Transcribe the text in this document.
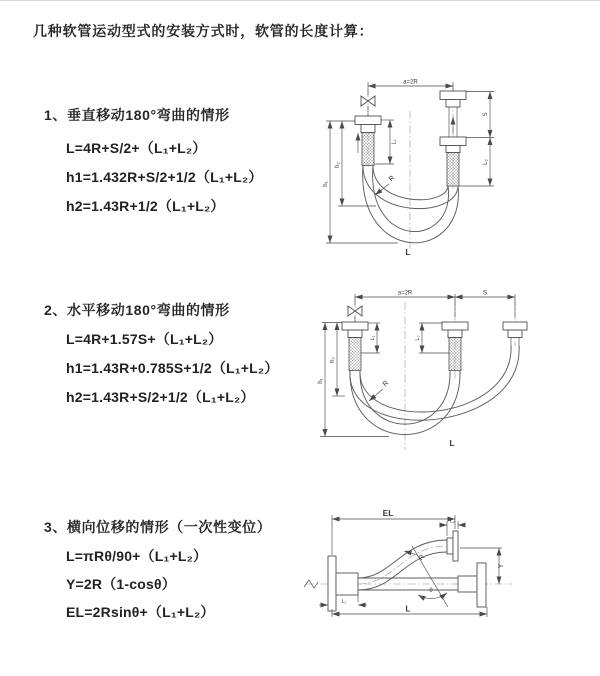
几种软管运动型式的安装方式时，软管的长度计算：
1、垂直移动180°弯曲的情形
L=4R+S/2+（L₁+L₂）
h1=1.432R+S/2+1/2（L₁+L₂）
h2=1.43R+1/2（L₁+L₂）
2、水平移动180°弯曲的情形
L=4R+1.57S+（L₁+L₂）
h1=1.43R+0.785S+1/2（L₁+L₂）
h2=1.43R+S/2+1/2（L₁+L₂）
3、横向位移的情形（一次性变位）
L=πRθ/90+（L₁+L₂）
Y=2R（1-cosθ）
EL=2Rsinθ+（L₁+L₂）
a=2R
h₁
h₂
L₁
S
L₂
R
L
a=2R	S
L₁	L₂
h₁
h₂
R
L
EL
L₂
Y
θ
R
L₁
L
